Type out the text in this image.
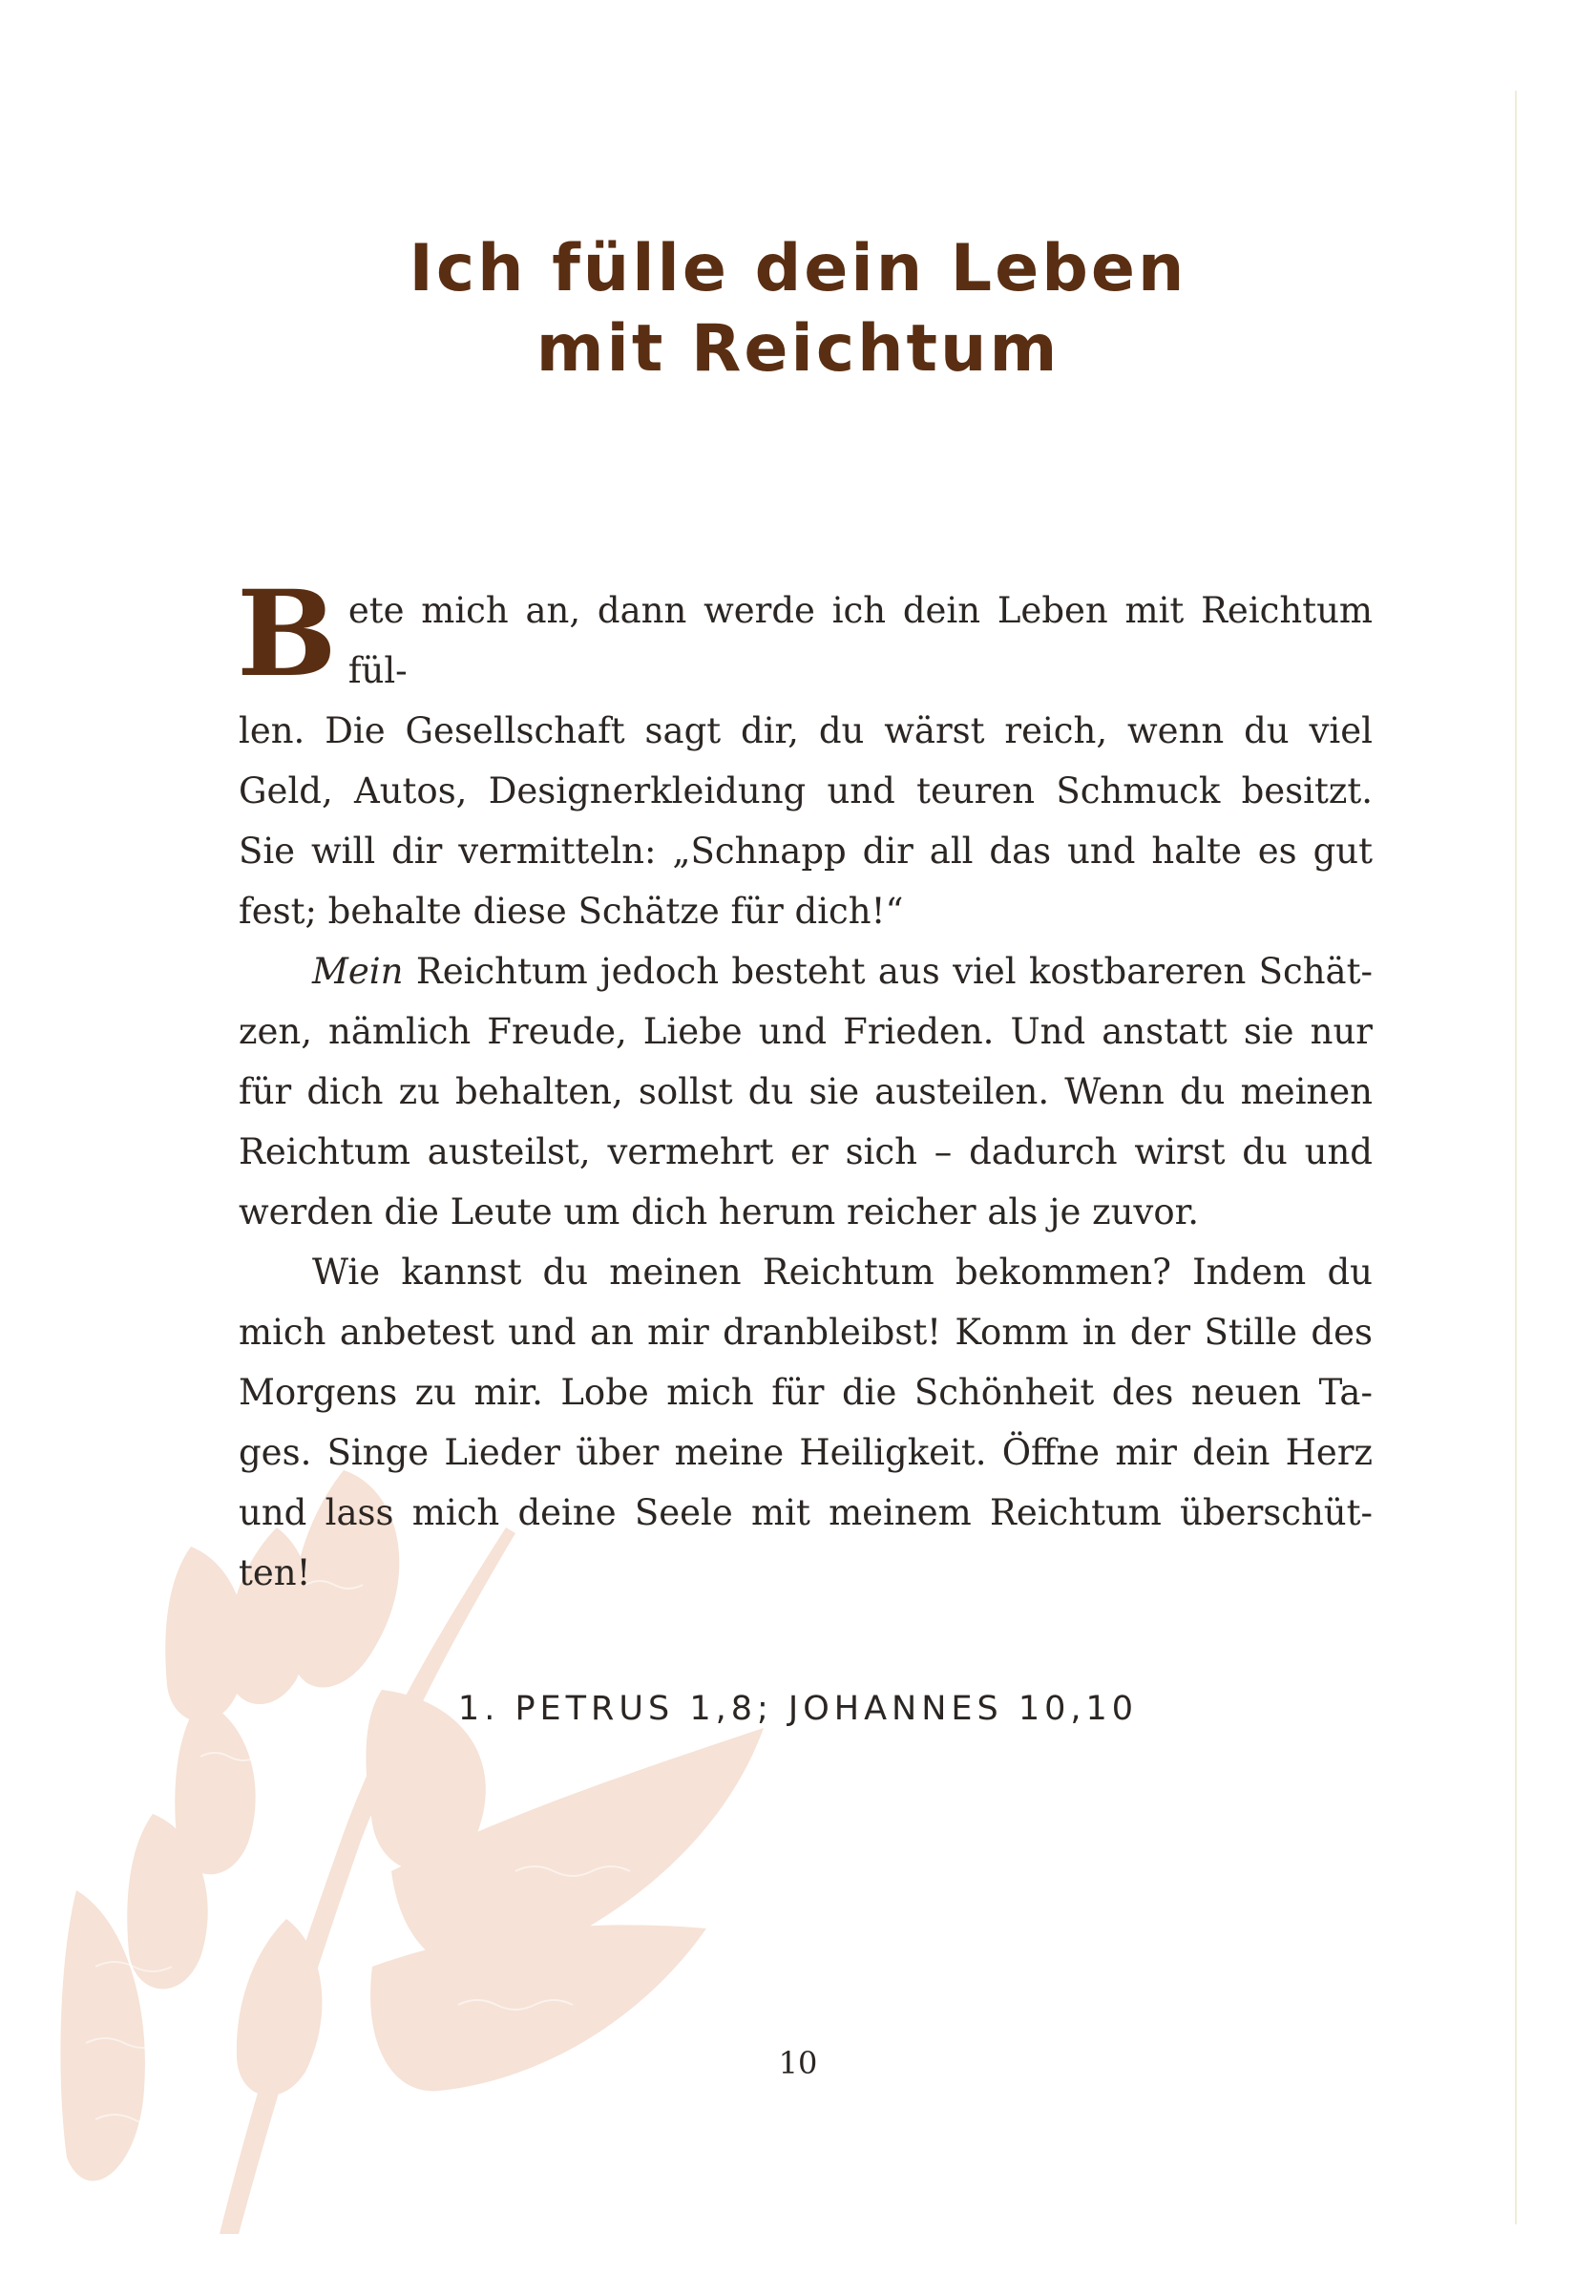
Ich fülle dein Leben
mit Reichtum

B ete mich an, dann werde ich dein Leben mit Reichtum fül-
len. Die Gesellschaft sagt dir, du wärst reich, wenn du viel
Geld, Autos, Designerkleidung und teuren Schmuck besitzt.
Sie will dir vermitteln: „Schnapp dir all das und halte es gut
fest; behalte diese Schätze für dich!“

Mein Reichtum jedoch besteht aus viel kostbareren Schät-
zen, nämlich Freude, Liebe und Frieden. Und anstatt sie nur
für dich zu behalten, sollst du sie austeilen. Wenn du meinen
Reichtum austeilst, vermehrt er sich – dadurch wirst du und
werden die Leute um dich herum reicher als je zuvor.

Wie kannst du meinen Reichtum bekommen? Indem du
mich anbetest und an mir dranbleibst! Komm in der Stille des
Morgens zu mir. Lobe mich für die Schönheit des neuen Ta-
ges. Singe Lieder über meine Heiligkeit. Öffne mir dein Herz
und lass mich deine Seele mit meinem Reichtum überschüt-
ten!

1. PETRUS 1,8; JOHANNES 10,10
10
